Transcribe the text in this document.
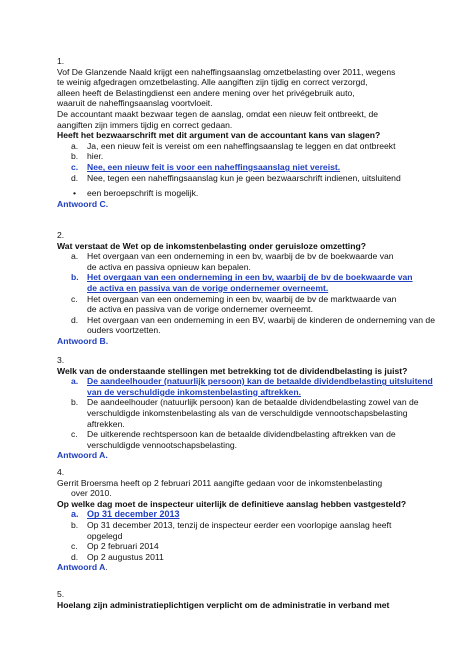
1.
Vof De Glanzende Naald krijgt een naheffingsaanslag omzetbelasting over 2011, wegens
te weinig afgedragen omzetbelasting. Alle aangiften zijn tijdig en correct verzorgd,
alleen heeft de Belastingdienst een andere mening over het privégebruik auto,
waaruit de naheffingsaanslag voortvloeit.
De accountant maakt bezwaar tegen de aanslag, omdat een nieuw feit ontbreekt, de
aangiften zijn immers tijdig en correct gedaan.
Heeft het bezwaarschrift met dit argument van de accountant kans van slagen?
a. Ja, een nieuw feit is vereist om een naheffingsaanslag te leggen en dat ontbreekt
b. hier.
c. Nee, een nieuw feit is voor een naheffingsaanslag niet vereist.
d. Nee, tegen een naheffingsaanslag kun je geen bezwaarschrift indienen, uitsluitend
• een beroepschrift is mogelijk.
Antwoord C.
2.
Wat verstaat de Wet op de inkomstenbelasting onder geruisloze omzetting?
a. Het overgaan van een onderneming in een bv, waarbij de bv de boekwaarde van
de activa en passiva opnieuw kan bepalen.
b. Het overgaan van een onderneming in een bv, waarbij de bv de boekwaarde van
de activa en passiva van de vorige ondernemer overneemt.
c. Het overgaan van een onderneming in een bv, waarbij de bv de marktwaarde van
de activa en passiva van de vorige ondernemer overneemt.
d. Het overgaan van een onderneming in een BV, waarbij de kinderen de onderneming van de
ouders voortzetten.
Antwoord B.
3.
Welk van de onderstaande stellingen met betrekking tot de dividendbelasting is juist?
a. De aandeelhouder (natuurlijk persoon) kan de betaalde dividendbelasting uitsluitend
van de verschuldigde inkomstenbelasting aftrekken.
b. De aandeelhouder (natuurlijk persoon) kan de betaalde dividendbelasting zowel van de
verschuldigde inkomstenbelasting als van de verschuldigde vennootschapsbelasting
aftrekken.
c. De uitkerende rechtspersoon kan de betaalde dividendbelasting aftrekken van de
verschuldigde vennootschapsbelasting.
Antwoord A.
4.
Gerrit Broersma heeft op 2 februari 2011 aangifte gedaan voor de inkomstenbelasting
over 2010.
Op welke dag moet de inspecteur uiterlijk de definitieve aanslag hebben vastgesteld?
a. Op 31 december 2013
b. Op 31 december 2013, tenzij de inspecteur eerder een voorlopige aanslag heeft
opgelegd
c. Op 2 februari 2014
d. Op 2 augustus 2011
Antwoord A.
5.
Hoelang zijn administratieplichtigen verplicht om de administratie in verband met
